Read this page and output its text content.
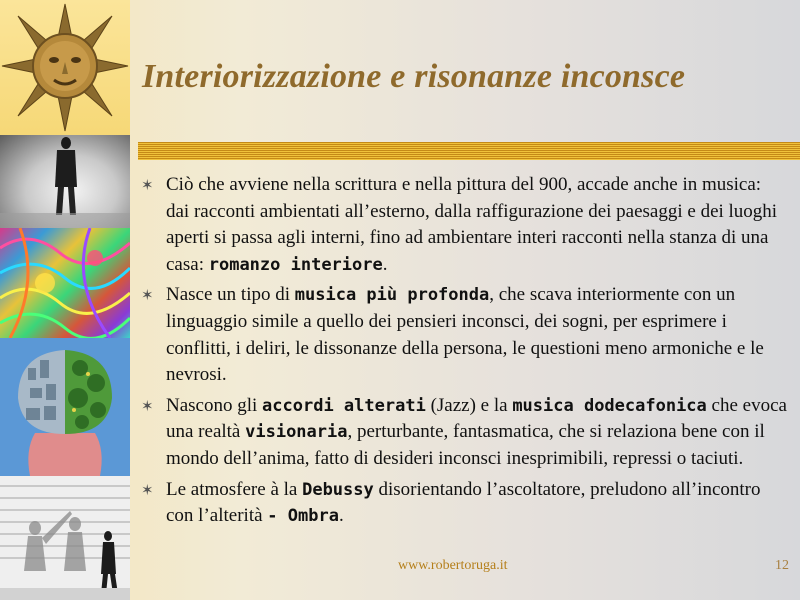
Interiorizzazione e risonanze inconsce
✶ Ciò che avviene nella scrittura e nella pittura del 900, accade anche in musica: dai racconti ambientati all’esterno, dalla raffigurazione dei paesaggi e dei luoghi aperti si passa agli interni, fino ad ambientare interi racconti nella stanza di una casa: romanzo interiore.
✶ Nasce un tipo di musica più profonda, che scava interiormente con un linguaggio simile a quello dei pensieri inconsci, dei sogni, per esprimere i conflitti, i deliri, le dissonanze della persona, le questioni meno armoniche e le nevrosi.
✶ Nascono gli accordi alterati (Jazz) e la musica dodecafonica che evoca una realtà visionaria, perturbante, fantasmatica, che si relaziona bene con il mondo dell’anima, fatto di desideri inconsci inesprimibili, repressi o taciuti.
✶ Le atmosfere à la Debussy disorientando l’ascoltatore, preludono all’incontro con l’alterità - Ombra.
www.robertoruga.it	12
